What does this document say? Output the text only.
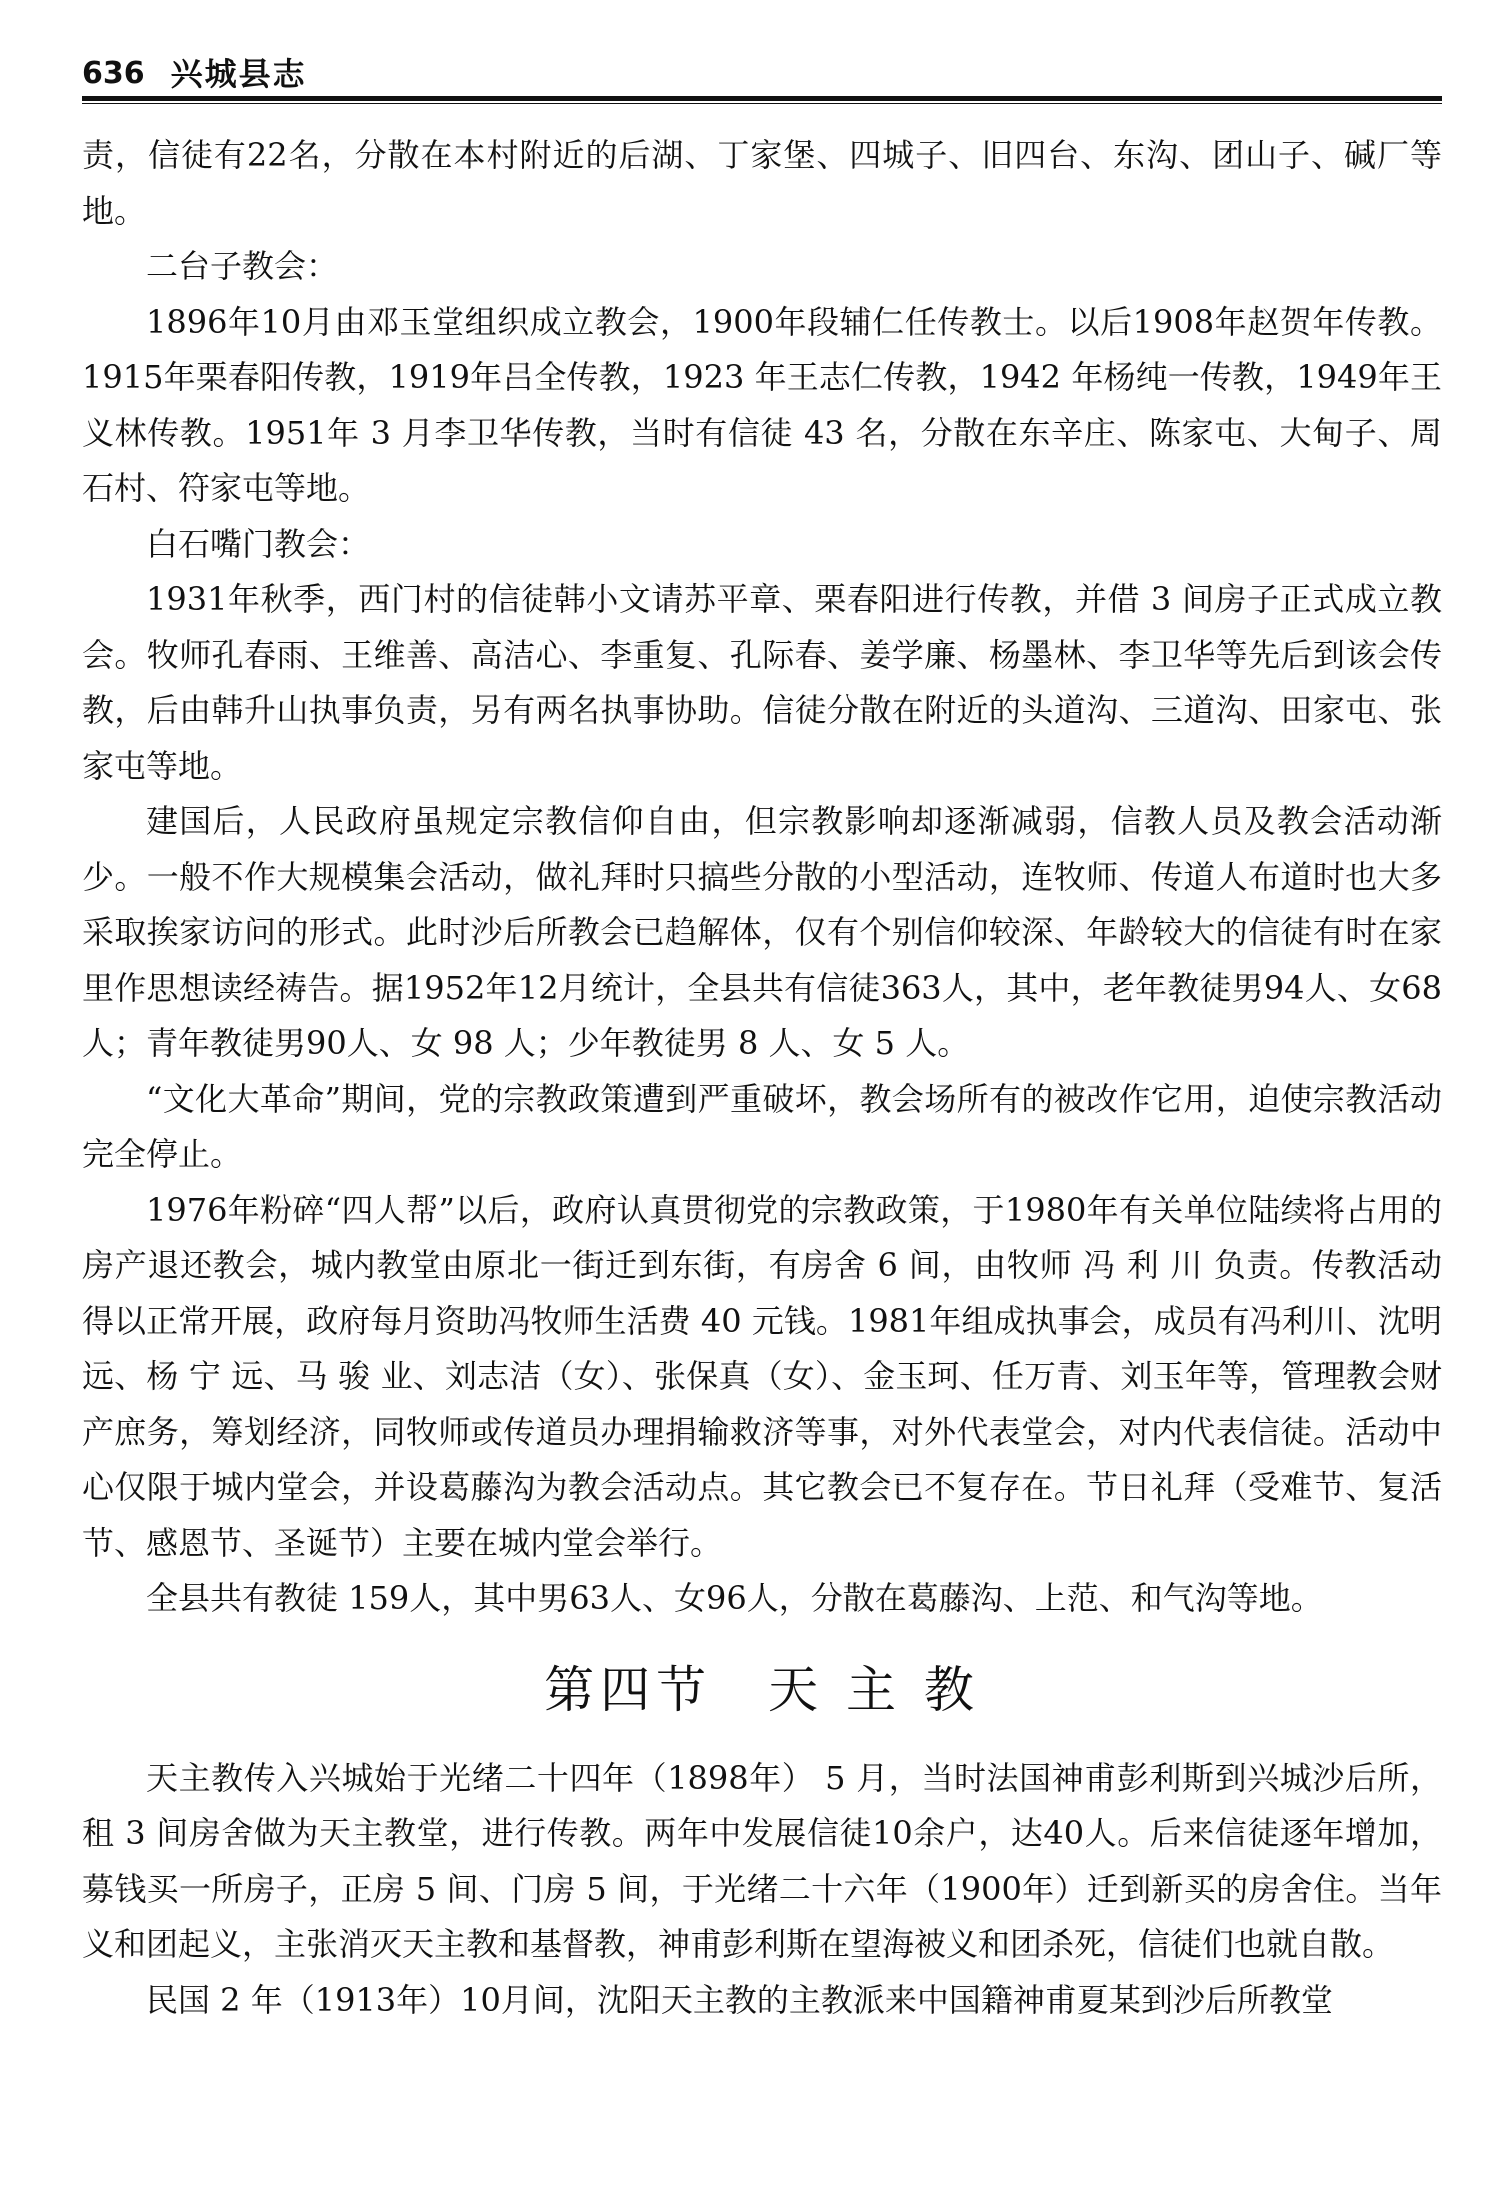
636 兴城县志

责，信徒有22名，分散在本村附近的后湖、丁家堡、四城子、旧四台、东沟、团山子、碱厂等地。

二台子教会：

1896年10月由邓玉堂组织成立教会，1900年段辅仁任传教士。以后1908年赵贺年传教。1915年栗春阳传教，1919年吕全传教，1923 年王志仁传教，1942 年杨纯一传教，1949年王义林传教。1951年 3 月李卫华传教，当时有信徒 43 名，分散在东辛庄、陈家屯、大甸子、周石村、符家屯等地。

白石嘴门教会：

1931年秋季，西门村的信徒韩小文请苏平章、栗春阳进行传教，并借 3 间房子正式成立教会。牧师孔春雨、王维善、高洁心、李重复、孔际春、姜学廉、杨墨林、李卫华等先后到该会传教，后由韩升山执事负责，另有两名执事协助。信徒分散在附近的头道沟、三道沟、田家屯、张家屯等地。

建国后，人民政府虽规定宗教信仰自由，但宗教影响却逐渐减弱，信教人员及教会活动渐少。一般不作大规模集会活动，做礼拜时只搞些分散的小型活动，连牧师、传道人布道时也大多采取挨家访问的形式。此时沙后所教会已趋解体，仅有个别信仰较深、年龄较大的信徒有时在家里作思想读经祷告。据1952年12月统计，全县共有信徒363人，其中，老年教徒男94人、女68人；青年教徒男90人、女 98 人；少年教徒男 8 人、女 5 人。

“文化大革命”期间，党的宗教政策遭到严重破坏，教会场所有的被改作它用，迫使宗教活动完全停止。

1976年粉碎“四人帮”以后，政府认真贯彻党的宗教政策，于1980年有关单位陆续将占用的房产退还教会，城内教堂由原北一街迁到东街，有房舍 6 间，由牧师 冯 利 川 负责。传教活动得以正常开展，政府每月资助冯牧师生活费 40 元钱。1981年组成执事会，成员有冯利川、沈明远、杨 宁 远、马 骏 业、刘志洁（女）、张保真（女）、金玉珂、任万青、刘玉年等，管理教会财产庶务，筹划经济，同牧师或传道员办理捐输救济等事，对外代表堂会，对内代表信徒。活动中心仅限于城内堂会，并设葛藤沟为教会活动点。其它教会已不复存在。节日礼拜（受难节、复活节、感恩节、圣诞节）主要在城内堂会举行。

全县共有教徒 159人，其中男63人、女96人，分散在葛藤沟、上范、和气沟等地。

第四节　天 主 教

天主教传入兴城始于光绪二十四年（1898年） 5 月，当时法国神甫彭利斯到兴城沙后所，租 3 间房舍做为天主教堂，进行传教。两年中发展信徒10余户，达40人。后来信徒逐年增加，募钱买一所房子，正房 5 间、门房 5 间，于光绪二十六年（1900年）迁到新买的房舍住。当年义和团起义，主张消灭天主教和基督教，神甫彭利斯在望海被义和团杀死，信徒们也就自散。

民国 2 年（1913年）10月间，沈阳天主教的主教派来中国籍神甫夏某到沙后所教堂
